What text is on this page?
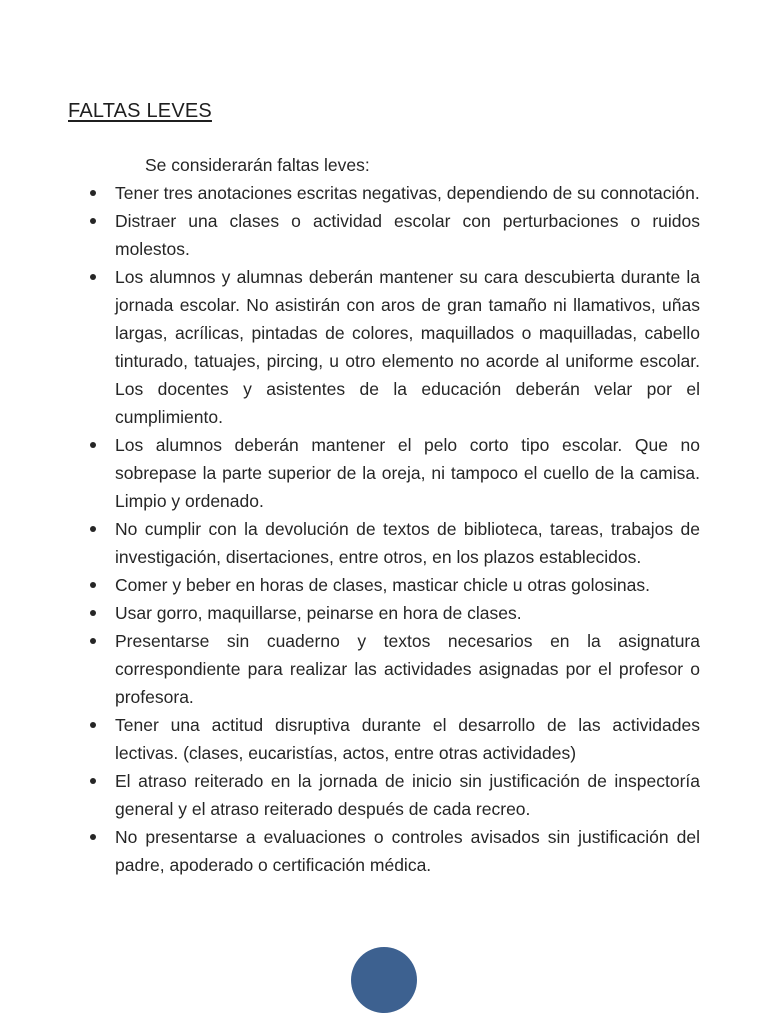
FALTAS LEVES

Se considerarán faltas leves:

Tener tres anotaciones escritas negativas, dependiendo de su connotación.
Distraer una clases o actividad escolar con perturbaciones o ruidos molestos.
Los alumnos y alumnas deberán mantener su cara descubierta durante la jornada escolar. No asistirán con aros de gran tamaño ni llamativos, uñas largas, acrílicas, pintadas de colores, maquillados o maquilladas, cabello tinturado, tatuajes, pircing, u otro elemento no acorde al uniforme escolar. Los docentes y asistentes de la educación deberán velar por el cumplimiento.
Los alumnos deberán mantener el pelo corto tipo escolar. Que no sobrepase la parte superior de la oreja, ni tampoco el cuello de la camisa. Limpio y ordenado.
No cumplir con la devolución de textos de biblioteca, tareas, trabajos de investigación, disertaciones, entre otros, en los plazos establecidos.
Comer y beber en horas de clases, masticar chicle u otras golosinas.
Usar gorro, maquillarse, peinarse en hora de clases.
Presentarse sin cuaderno y textos necesarios en la asignatura correspondiente para realizar las actividades asignadas por el profesor o profesora.
Tener una actitud disruptiva durante el desarrollo de las actividades lectivas. (clases, eucaristías, actos, entre otras actividades)
El atraso reiterado en la jornada de inicio sin justificación de inspectoría general y el atraso reiterado después de cada recreo.
No presentarse a evaluaciones o controles avisados sin justificación del padre, apoderado o certificación médica.
